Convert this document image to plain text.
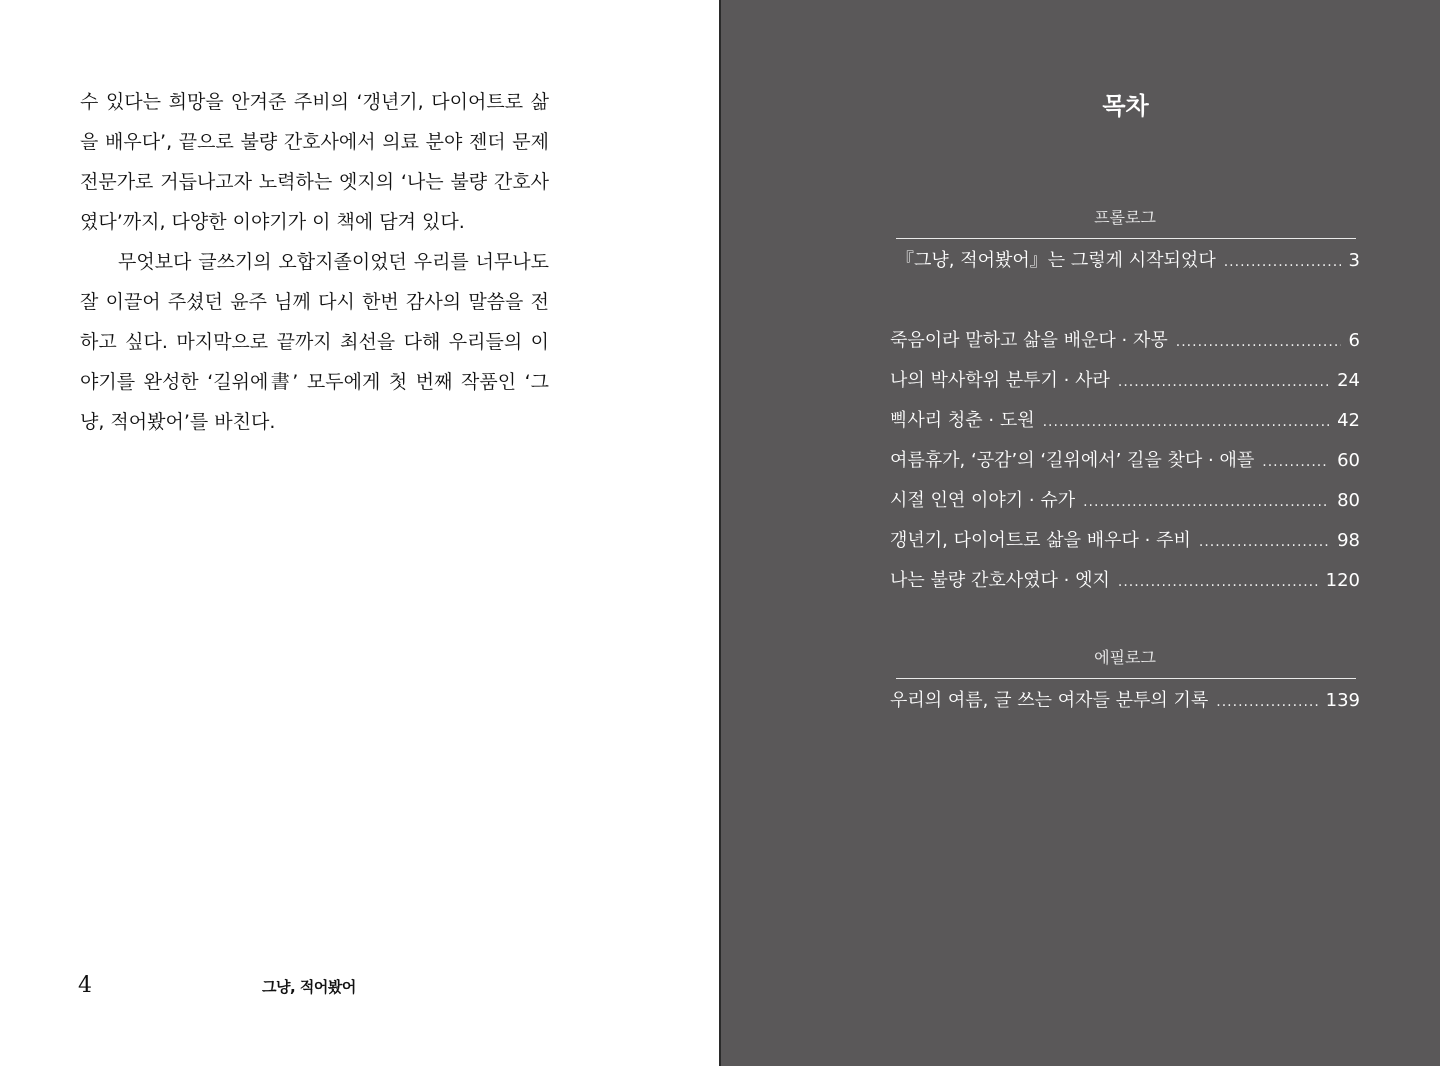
수 있다는 희망을 안겨준 주비의 ‘갱년기, 다이어트로 삶을 배우다’, 끝으로 불량 간호사에서 의료 분야 젠더 문제 전문가로 거듭나고자 노력하는 엣지의 ‘나는 불량 간호사였다’까지, 다양한 이야기가 이 책에 담겨 있다.

무엇보다 글쓰기의 오합지졸이었던 우리를 너무나도 잘 이끌어 주셨던 윤주 님께 다시 한번 감사의 말씀을 전하고 싶다. 마지막으로 끝까지 최선을 다해 우리들의 이야기를 완성한 ‘길위에書’ 모두에게 첫 번째 작품인 ‘그냥, 적어봤어’를 바친다.

4	그냥, 적어봤어
목차
프롤로그
『그냥, 적어봤어』는 그렇게 시작되었다 .....	3
죽음이라 말하고 삶을 배운다 · 자몽 .....	6
나의 박사학위 분투기 · 사라 .....	24
삑사리 청춘 · 도원 .....	42
여름휴가, ‘공감’의 ‘길위에서’ 길을 찾다 · 애플 .....	60
시절 인연 이야기 · 슈가 .....	80
갱년기, 다이어트로 삶을 배우다 · 주비 .....	98
나는 불량 간호사였다 · 엣지 .....	120
에필로그
우리의 여름, 글 쓰는 여자들 분투의 기록 .....	139
